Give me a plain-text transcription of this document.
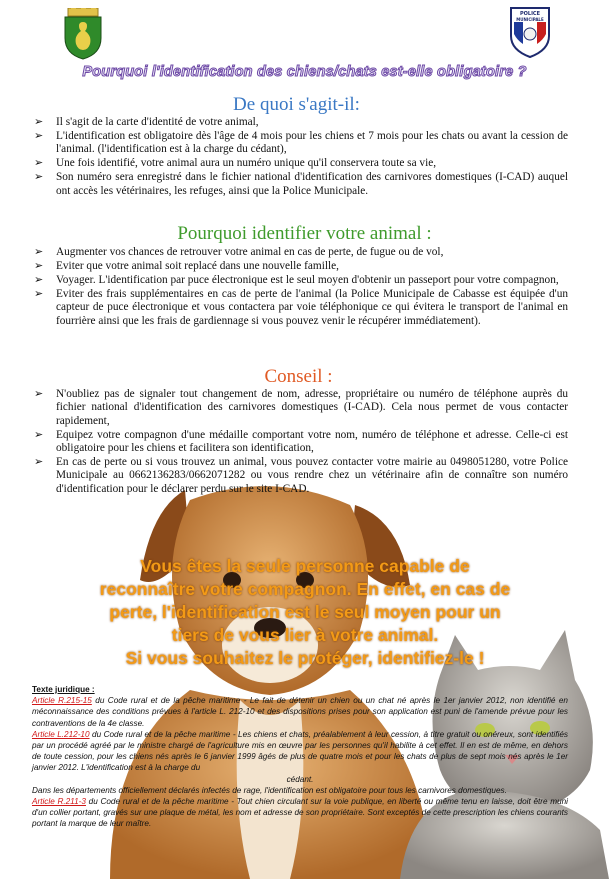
POLICE
MUNICIPALE
Pourquoi l'identification des chiens/chats est-elle obligatoire ?
De quoi s'agit-il:
➢ Il s'agit de la carte d'identité de votre animal,
➢ L'identification est obligatoire dès l'âge de 4 mois pour les chiens et 7 mois pour les chats ou avant la cession de l'animal. (l'identification est à la charge du cédant),
➢ Une fois identifié, votre animal aura un numéro unique qu'il conservera toute sa vie,
➢ Son numéro sera enregistré dans le fichier national d'identification des carnivores domestiques (I-CAD) auquel ont accès les vétérinaires, les refuges, ainsi que la Police Municipale.
Pourquoi identifier votre animal :
➢ Augmenter vos chances de retrouver votre animal en cas de perte, de fugue ou de vol,
➢ Eviter que votre animal soit replacé dans une nouvelle famille,
➢ Voyager. L'identification par puce électronique est le seul moyen d'obtenir un passeport pour votre compagnon,
➢ Eviter des frais supplémentaires en cas de perte de l'animal (la Police Municipale de Cabasse est équipée d'un capteur de puce électronique et vous contactera par voie téléphonique ce qui évitera le transport de l'animal en fourrière ainsi que les frais de gardiennage si vous pouvez venir le récupérer immédiatement).
Conseil :
➢ N'oubliez pas de signaler tout changement de nom, adresse, propriétaire ou numéro de téléphone auprès du fichier national d'identification des carnivores domestiques (I-CAD). Cela nous permet de vous contacter rapidement,
➢ Equipez votre compagnon d'une médaille comportant votre nom, numéro de téléphone et adresse. Celle-ci est obligatoire pour les chiens et facilitera son identification,
➢ En cas de perte ou si vous trouvez un animal, vous pouvez contacter votre mairie au 0498051280, votre Police Municipale au 0662136283/0662071282 ou vous rendre chez un vétérinaire afin de connaître son numéro d'identification pour le déclarer perdu sur le site I-CAD.
Vous êtes la seule personne capable de
reconnaître votre compagnon. En effet, en cas de
perte, l'identification est le seul moyen pour un
tiers de vous lier à votre animal.
Si vous souhaitez le protéger, identifiez-le !
Texte juridique :
Article R.215-15 du Code rural et de la pêche maritime - Le fait de détenir un chien ou un chat né après le 1er janvier 2012, non identifié en méconnaissance des conditions prévues à l'article L. 212-10 et des dispositions prises pour son application est puni de l'amende prévue pour les contraventions de la 4e classe.
Article L.212-10 du Code rural et de la pêche maritime - Les chiens et chats, préalablement à leur cession, à titre gratuit ou onéreux, sont identifiés par un procédé agréé par le ministre chargé de l'agriculture mis en œuvre par les personnes qu'il habilite à cet effet. Il en est de même, en dehors de toute cession, pour les chiens nés après le 6 janvier 1999 âgés de plus de quatre mois et pour les chats de plus de sept mois nés après le 1er janvier 2012. L'identification est à la charge du
cédant.
Dans les départements officiellement déclarés infectés de rage, l'identification est obligatoire pour tous les carnivores domestiques.
Article R.211-3 du Code rural et de la pêche maritime - Tout chien circulant sur la voie publique, en liberté ou même tenu en laisse, doit être muni d'un collier portant, gravés sur une plaque de métal, les nom et adresse de son propriétaire. Sont exceptés de cette prescription les chiens courants portant la marque de leur maître.
